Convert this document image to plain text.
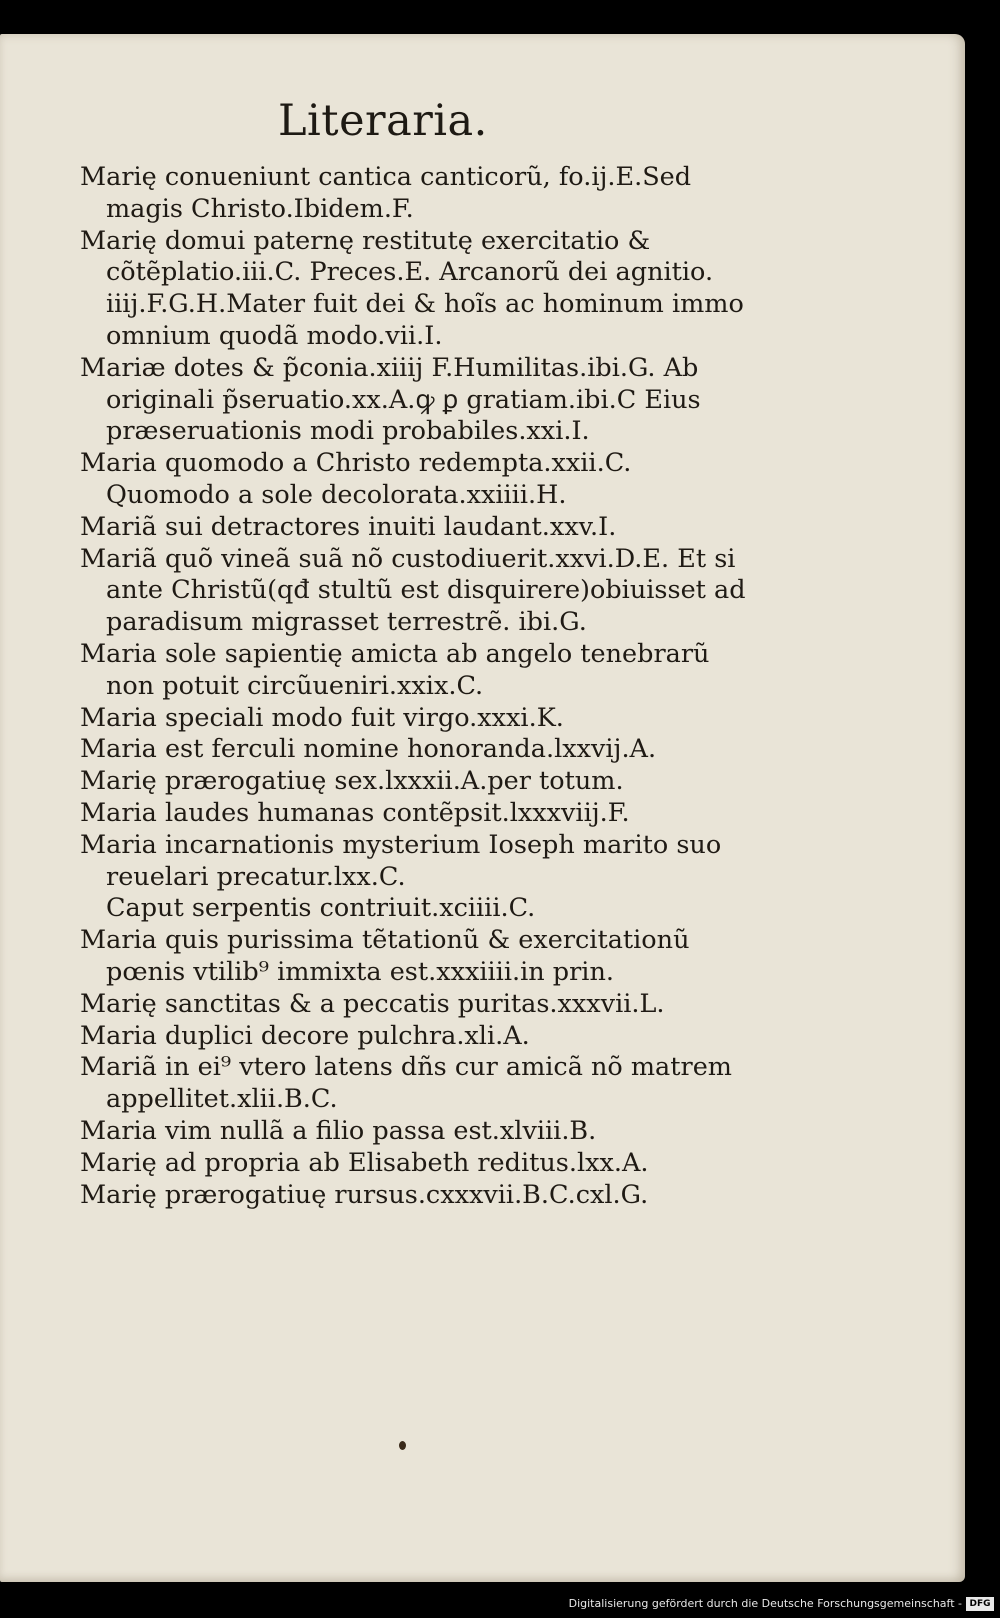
Literaria.

Marię conueniunt cantica canticorũ, fo.ij.E.Sed magis Christo.Ibidem.F.

Marię domui paternę restitutę exercitatio & cõtẽplatio.iii.C. Preces.E. Arcanorũ dei agnitio. iiij.F.G.H.Mater fuit dei & hoĩs ac hominum immo omnium quodã modo.vii.I.

Mariæ dotes & p̃conia.xiiij F.Humilitas.ibi.G. Ab originali p̃seruatio.xx.A.ꝙ ꝑ gratiam.ibi.C Eius præseruationis modi probabiles.xxi.I.

Maria quomodo a Christo redempta.xxii.C. Quomodo a sole decolorata.xxiiii.H.

Mariã sui detractores inuiti laudant.xxv.I.

Mariã quõ vineã suã nõ custodiuerit.xxvi.D.E. Et si ante Christũ(qđ stultũ est disquirere)obiuisset ad paradisum migrasset terrestrẽ. ibi.G.

Maria sole sapientię amicta ab angelo tenebrarũ non potuit circũueniri.xxix.C.

Maria speciali modo fuit virgo.xxxi.K.

Maria est ferculi nomine honoranda.lxxvij.A.

Marię prærogatiuę sex.lxxxii.A.per totum.

Maria laudes humanas contẽpsit.lxxxviij.F.

Maria incarnationis mysterium Ioseph marito suo reuelari precatur.lxx.C.

Caput serpentis contriuit.xciiii.C.

Maria quis purissima tẽtationũ & exercitationũ pœnis vtilib⁹ immixta est.xxxiiii.in prin.

Marię sanctitas & a peccatis puritas.xxxvii.L.

Maria duplici decore pulchra.xli.A.

Mariã in ei⁹ vtero latens dñs cur amicã nõ matrem appellitet.xlii.B.C.

Maria vim nullã a filio passa est.xlviii.B.

Marię ad propria ab Elisabeth reditus.lxx.A.

Marię prærogatiuę rursus.cxxxvii.B.C.cxl.G.

Digitalisierung gefördert durch die Deutsche Forschungsgemeinschaft - DFG
